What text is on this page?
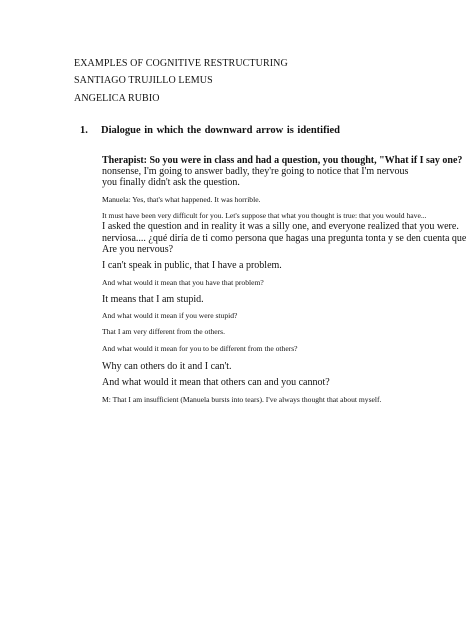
EXAMPLES OF COGNITIVE RESTRUCTURING
SANTIAGO TRUJILLO LEMUS
ANGELICA RUBIO
1.	Dialogue in which the downward arrow is identified
Therapist: So you were in class and had a question, you thought, "What if I say one?
nonsense, I'm going to answer badly, they're going to notice that I'm nervous
you finally didn't ask the question.
Manuela: Yes, that's what happened. It was horrible.
It must have been very difficult for you. Let's suppose that what you thought is true: that you would have...
I asked the question and in reality it was a silly one, and everyone realized that you were.
nerviosa.... ¿qué diría de ti como persona que hagas una pregunta tonta y se den cuenta que
Are you nervous?
I can't speak in public, that I have a problem.
And what would it mean that you have that problem?
It means that I am stupid.
And what would it mean if you were stupid?
That I am very different from the others.
And what would it mean for you to be different from the others?
Why can others do it and I can't.
And what would it mean that others can and you cannot?
M: That I am insufficient (Manuela bursts into tears). I've always thought that about myself.
